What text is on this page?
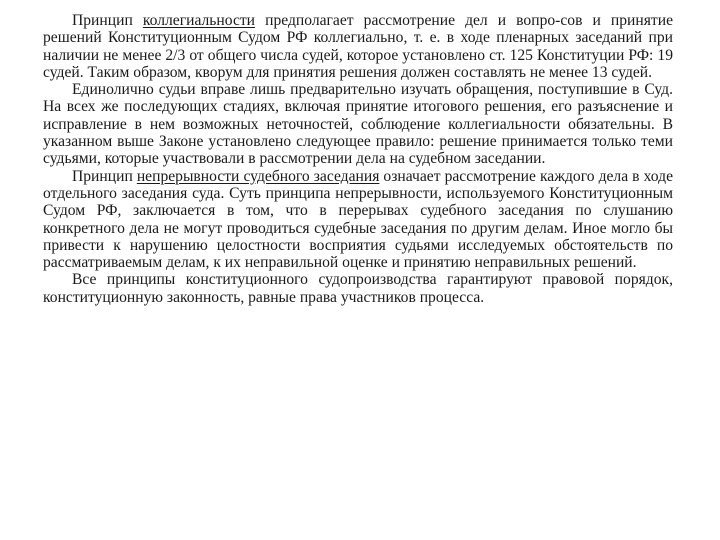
Принцип коллегиальности предполагает рассмотрение дел и вопро-сов и принятие решений Конституционным Судом РФ коллегиально, т. е. в ходе пленарных заседаний при наличии не менее 2/3 от общего числа судей, которое установлено ст. 125 Конституции РФ: 19 судей. Таким образом, кворум для принятия решения должен составлять не менее 13 судей.

Единолично судьи вправе лишь предварительно изучать обращения, поступившие в Суд. На всех же последующих стадиях, включая принятие итогового решения, его разъяснение и исправление в нем возможных неточностей, соблюдение коллегиальности обязательны. В указанном выше Законе установлено следующее правило: решение принимается только теми судьями, которые участвовали в рассмотрении дела на судебном заседании.

Принцип непрерывности судебного заседания означает рассмотрение каждого дела в ходе отдельного заседания суда. Суть принципа непрерывности, используемого Конституционным Судом РФ, заключается в том, что в перерывах судебного заседания по слушанию конкретного дела не могут проводиться судебные заседания по другим делам. Иное могло бы привести к нарушению целостности восприятия судьями исследуемых обстоятельств по рассматриваемым делам, к их неправильной оценке и принятию неправильных решений.

Все принципы конституционного судопроизводства гарантируют правовой порядок, конституционную законность, равные права участников процесса.
